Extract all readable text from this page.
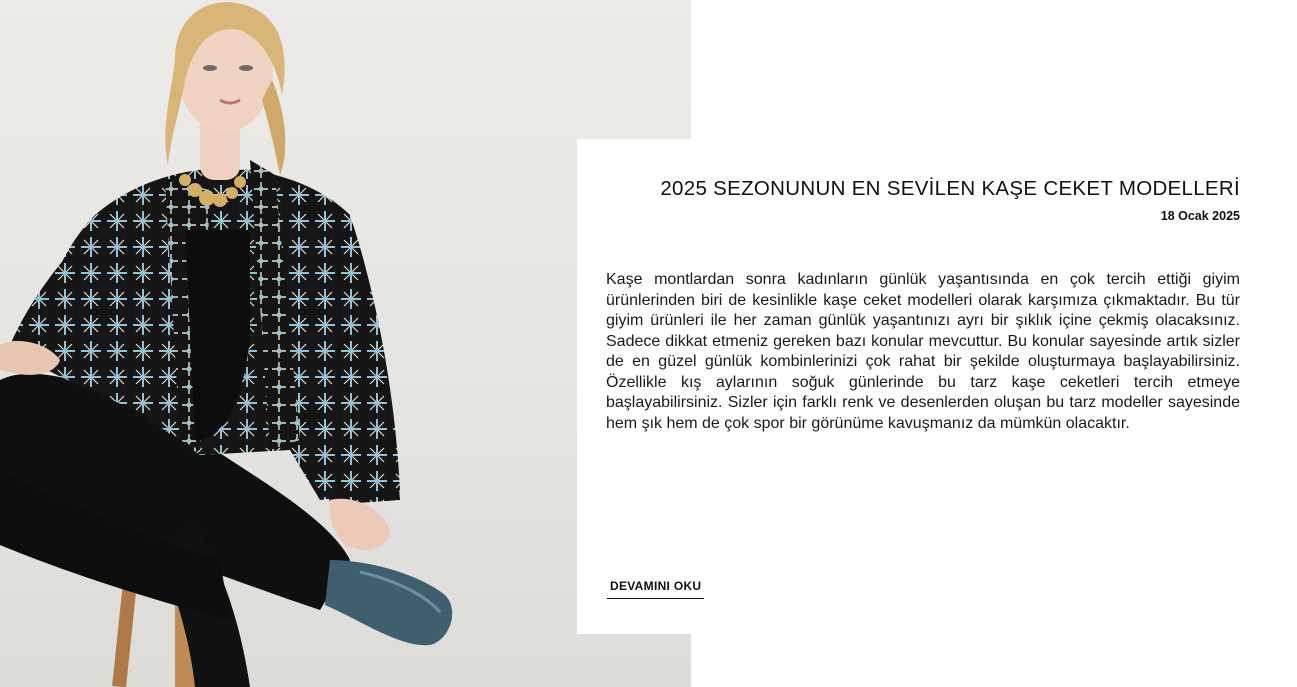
2025 SEZONUNUN EN SEVİLEN KAŞE CEKET MODELLERİ
18 Ocak 2025
Kaşe montlardan sonra kadınların günlük yaşantısında en çok tercih ettiği giyim ürünlerinden biri de kesinlikle kaşe ceket modelleri olarak karşımıza çıkmaktadır. Bu tür giyim ürünleri ile her zaman günlük yaşantınızı ayrı bir şıklık içine çekmiş olacaksınız. Sadece dikkat etmeniz gereken bazı konular mevcuttur. Bu konular sayesinde artık sizler de en güzel günlük kombinlerinizi çok rahat bir şekilde oluşturmaya başlayabilirsiniz. Özellikle kış aylarının soğuk günlerinde bu tarz kaşe ceketleri tercih etmeye başlayabilirsiniz. Sizler için farklı renk ve desenlerden oluşan bu tarz modeller sayesinde hem şık hem de çok spor bir görünüme kavuşmanız da mümkün olacaktır.
DEVAMINI OKU
